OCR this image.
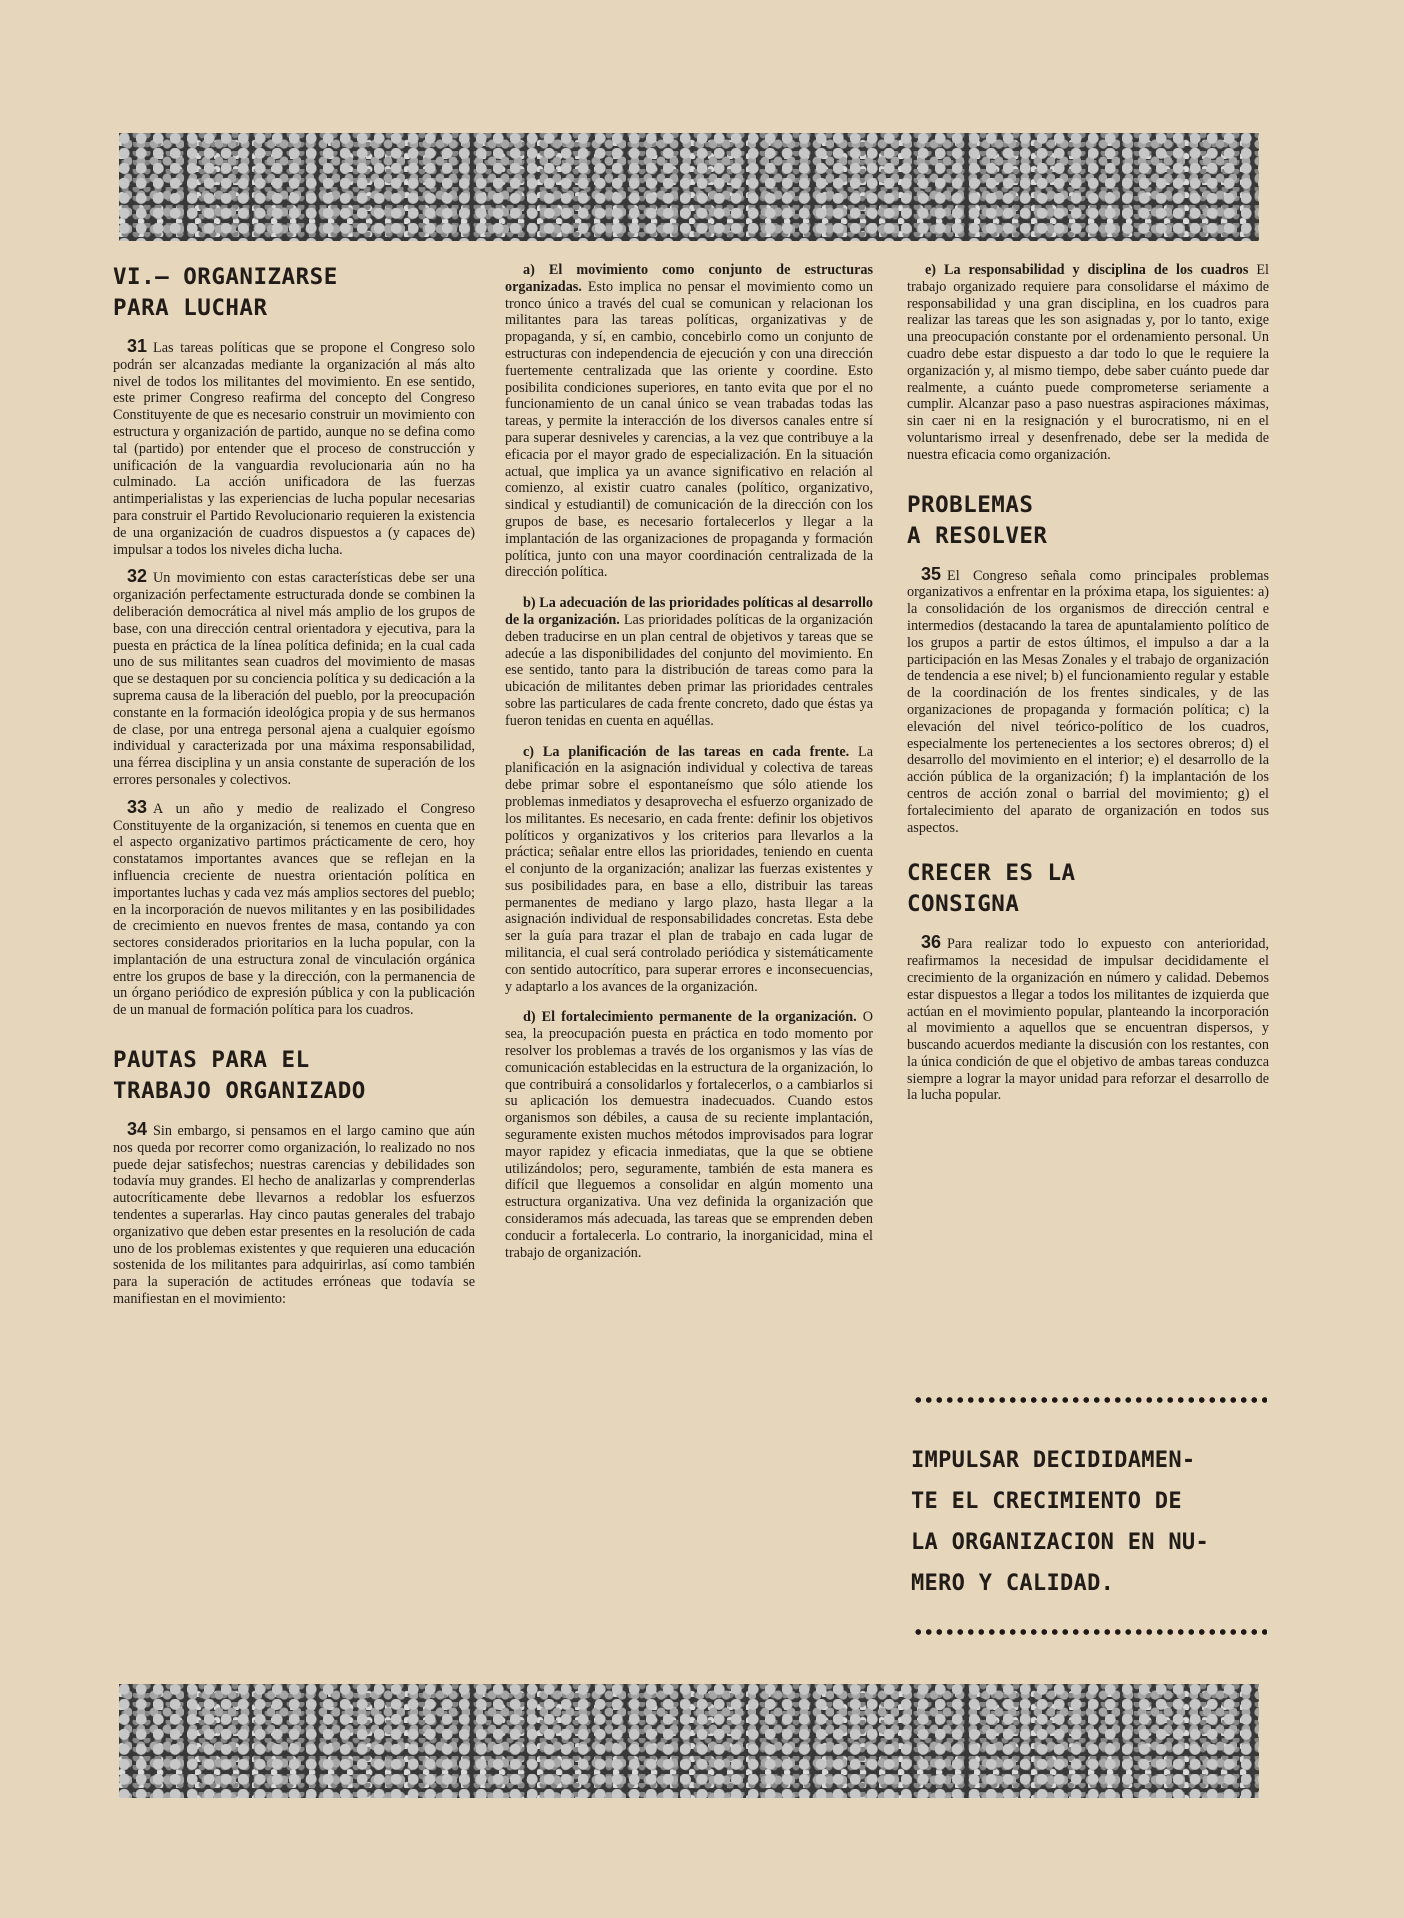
VI.— ORGANIZARSE
PARA LUCHAR

31 Las tareas políticas que se propone el Congreso solo podrán ser alcanzadas mediante la organización al más alto nivel de todos los militantes del movimiento. En ese sentido, este primer Congreso reafirma del concepto del Congreso Constituyente de que es necesario construir un movimiento con estructura y organización de partido, aunque no se defina como tal (partido) por entender que el proceso de construcción y unificación de la vanguardia revolucionaria aún no ha culminado. La acción unificadora de las fuerzas antimperialistas y las experiencias de lucha popular necesarias para construir el Partido Revolucionario requieren la existencia de una organización de cuadros dispuestos a (y capaces de) impulsar a todos los niveles dicha lucha.

32 Un movimiento con estas características debe ser una organización perfectamente estructurada donde se combinen la deliberación democrática al nivel más amplio de los grupos de base, con una dirección central orientadora y ejecutiva, para la puesta en práctica de la línea política definida; en la cual cada uno de sus militantes sean cuadros del movimiento de masas que se destaquen por su conciencia política y su dedicación a la suprema causa de la liberación del pueblo, por la preocupación constante en la formación ideológica propia y de sus hermanos de clase, por una entrega personal ajena a cualquier egoísmo individual y caracterizada por una máxima responsabilidad, una férrea disciplina y un ansia constante de superación de los errores personales y colectivos.

33 A un año y medio de realizado el Congreso Constituyente de la organización, si tenemos en cuenta que en el aspecto organizativo partimos prácticamente de cero, hoy constatamos importantes avances que se reflejan en la influencia creciente de nuestra orientación política en importantes luchas y cada vez más amplios sectores del pueblo; en la incorporación de nuevos militantes y en las posibilidades de crecimiento en nuevos frentes de masa, contando ya con sectores considerados prioritarios en la lucha popular, con la implantación de una estructura zonal de vinculación orgánica entre los grupos de base y la dirección, con la permanencia de un órgano periódico de expresión pública y con la publicación de un manual de formación política para los cuadros.

PAUTAS PARA EL
TRABAJO ORGANIZADO

34 Sin embargo, si pensamos en el largo camino que aún nos queda por recorrer como organización, lo realizado no nos puede dejar satisfechos; nuestras carencias y debilidades son todavía muy grandes. El hecho de analizarlas y comprenderlas autocríticamente debe llevarnos a redoblar los esfuerzos tendentes a superarlas. Hay cinco pautas generales del trabajo organizativo que deben estar presentes en la resolución de cada uno de los problemas existentes y que requieren una educación sostenida de los militantes para adquirirlas, así como también para la superación de actitudes erróneas que todavía se manifiestan en el movimiento:

a) El movimiento como conjunto de estructuras organizadas. Esto implica no pensar el movimiento como un tronco único a través del cual se comunican y relacionan los militantes para las tareas políticas, organizativas y de propaganda, y sí, en cambio, concebirlo como un conjunto de estructuras con independencia de ejecución y con una dirección fuertemente centralizada que las oriente y coordine. Esto posibilita condiciones superiores, en tanto evita que por el no funcionamiento de un canal único se vean trabadas todas las tareas, y permite la interacción de los diversos canales entre sí para superar desniveles y carencias, a la vez que contribuye a la eficacia por el mayor grado de especialización. En la situación actual, que implica ya un avance significativo en relación al comienzo, al existir cuatro canales (político, organizativo, sindical y estudiantil) de comunicación de la dirección con los grupos de base, es necesario fortalecerlos y llegar a la implantación de las organizaciones de propaganda y formación política, junto con una mayor coordinación centralizada de la dirección política.

b) La adecuación de las prioridades políticas al desarrollo de la organización. Las prioridades políticas de la organización deben traducirse en un plan central de objetivos y tareas que se adecúe a las disponibilidades del conjunto del movimiento. En ese sentido, tanto para la distribución de tareas como para la ubicación de militantes deben primar las prioridades centrales sobre las particulares de cada frente concreto, dado que éstas ya fueron tenidas en cuenta en aquéllas.

c) La planificación de las tareas en cada frente. La planificación en la asignación individual y colectiva de tareas debe primar sobre el espontaneísmo que sólo atiende los problemas inmediatos y desaprovecha el esfuerzo organizado de los militantes. Es necesario, en cada frente: definir los objetivos políticos y organizativos y los criterios para llevarlos a la práctica; señalar entre ellos las prioridades, teniendo en cuenta el conjunto de la organización; analizar las fuerzas existentes y sus posibilidades para, en base a ello, distribuir las tareas permanentes de mediano y largo plazo, hasta llegar a la asignación individual de responsabilidades concretas. Esta debe ser la guía para trazar el plan de trabajo en cada lugar de militancia, el cual será controlado periódica y sistemáticamente con sentido autocrítico, para superar errores e inconsecuencias, y adaptarlo a los avances de la organización.

d) El fortalecimiento permanente de la organización. O sea, la preocupación puesta en práctica en todo momento por resolver los problemas a través de los organismos y las vías de comunicación establecidas en la estructura de la organización, lo que contribuirá a consolidarlos y fortalecerlos, o a cambiarlos si su aplicación los demuestra inadecuados. Cuando estos organismos son débiles, a causa de su reciente implantación, seguramente existen muchos métodos improvisados para lograr mayor rapidez y eficacia inmediatas, que la que se obtiene utilizándolos; pero, seguramente, también de esta manera es difícil que lleguemos a consolidar en algún momento una estructura organizativa. Una vez definida la organización que consideramos más adecuada, las tareas que se emprenden deben conducir a fortalecerla. Lo contrario, la inorganicidad, mina el trabajo de organización.

e) La responsabilidad y disciplina de los cuadros El trabajo organizado requiere para consolidarse el máximo de responsabilidad y una gran disciplina, en los cuadros para realizar las tareas que les son asignadas y, por lo tanto, exige una preocupación constante por el ordenamiento personal. Un cuadro debe estar dispuesto a dar todo lo que le requiere la organización y, al mismo tiempo, debe saber cuánto puede dar realmente, a cuánto puede comprometerse seriamente a cumplir. Alcanzar paso a paso nuestras aspiraciones máximas, sin caer ni en la resignación y el burocratismo, ni en el voluntarismo irreal y desenfrenado, debe ser la medida de nuestra eficacia como organización.

PROBLEMAS
A RESOLVER

35 El Congreso señala como principales problemas organizativos a enfrentar en la próxima etapa, los siguientes: a) la consolidación de los organismos de dirección central e intermedios (destacando la tarea de apuntalamiento político de los grupos a partir de estos últimos, el impulso a dar a la participación en las Mesas Zonales y el trabajo de organización de tendencia a ese nivel; b) el funcionamiento regular y estable de la coordinación de los frentes sindicales, y de las organizaciones de propaganda y formación política; c) la elevación del nivel teórico-político de los cuadros, especialmente los pertenecientes a los sectores obreros; d) el desarrollo del movimiento en el interior; e) el desarrollo de la acción pública de la organización; f) la implantación de los centros de acción zonal o barrial del movimiento; g) el fortalecimiento del aparato de organización en todos sus aspectos.

CRECER ES LA
CONSIGNA

36 Para realizar todo lo expuesto con anterioridad, reafirmamos la necesidad de impulsar decididamente el crecimiento de la organización en número y calidad. Debemos estar dispuestos a llegar a todos los militantes de izquierda que actúan en el movimiento popular, planteando la incorporación al movimiento a aquellos que se encuentran dispersos, y buscando acuerdos mediante la discusión con los restantes, con la única condición de que el objetivo de ambas tareas conduzca siempre a lograr la mayor unidad para reforzar el desarrollo de la lucha popular.

IMPULSAR DECIDIDAMEN-
TE EL CRECIMIENTO DE
LA ORGANIZACION EN NU-
MERO Y CALIDAD.
